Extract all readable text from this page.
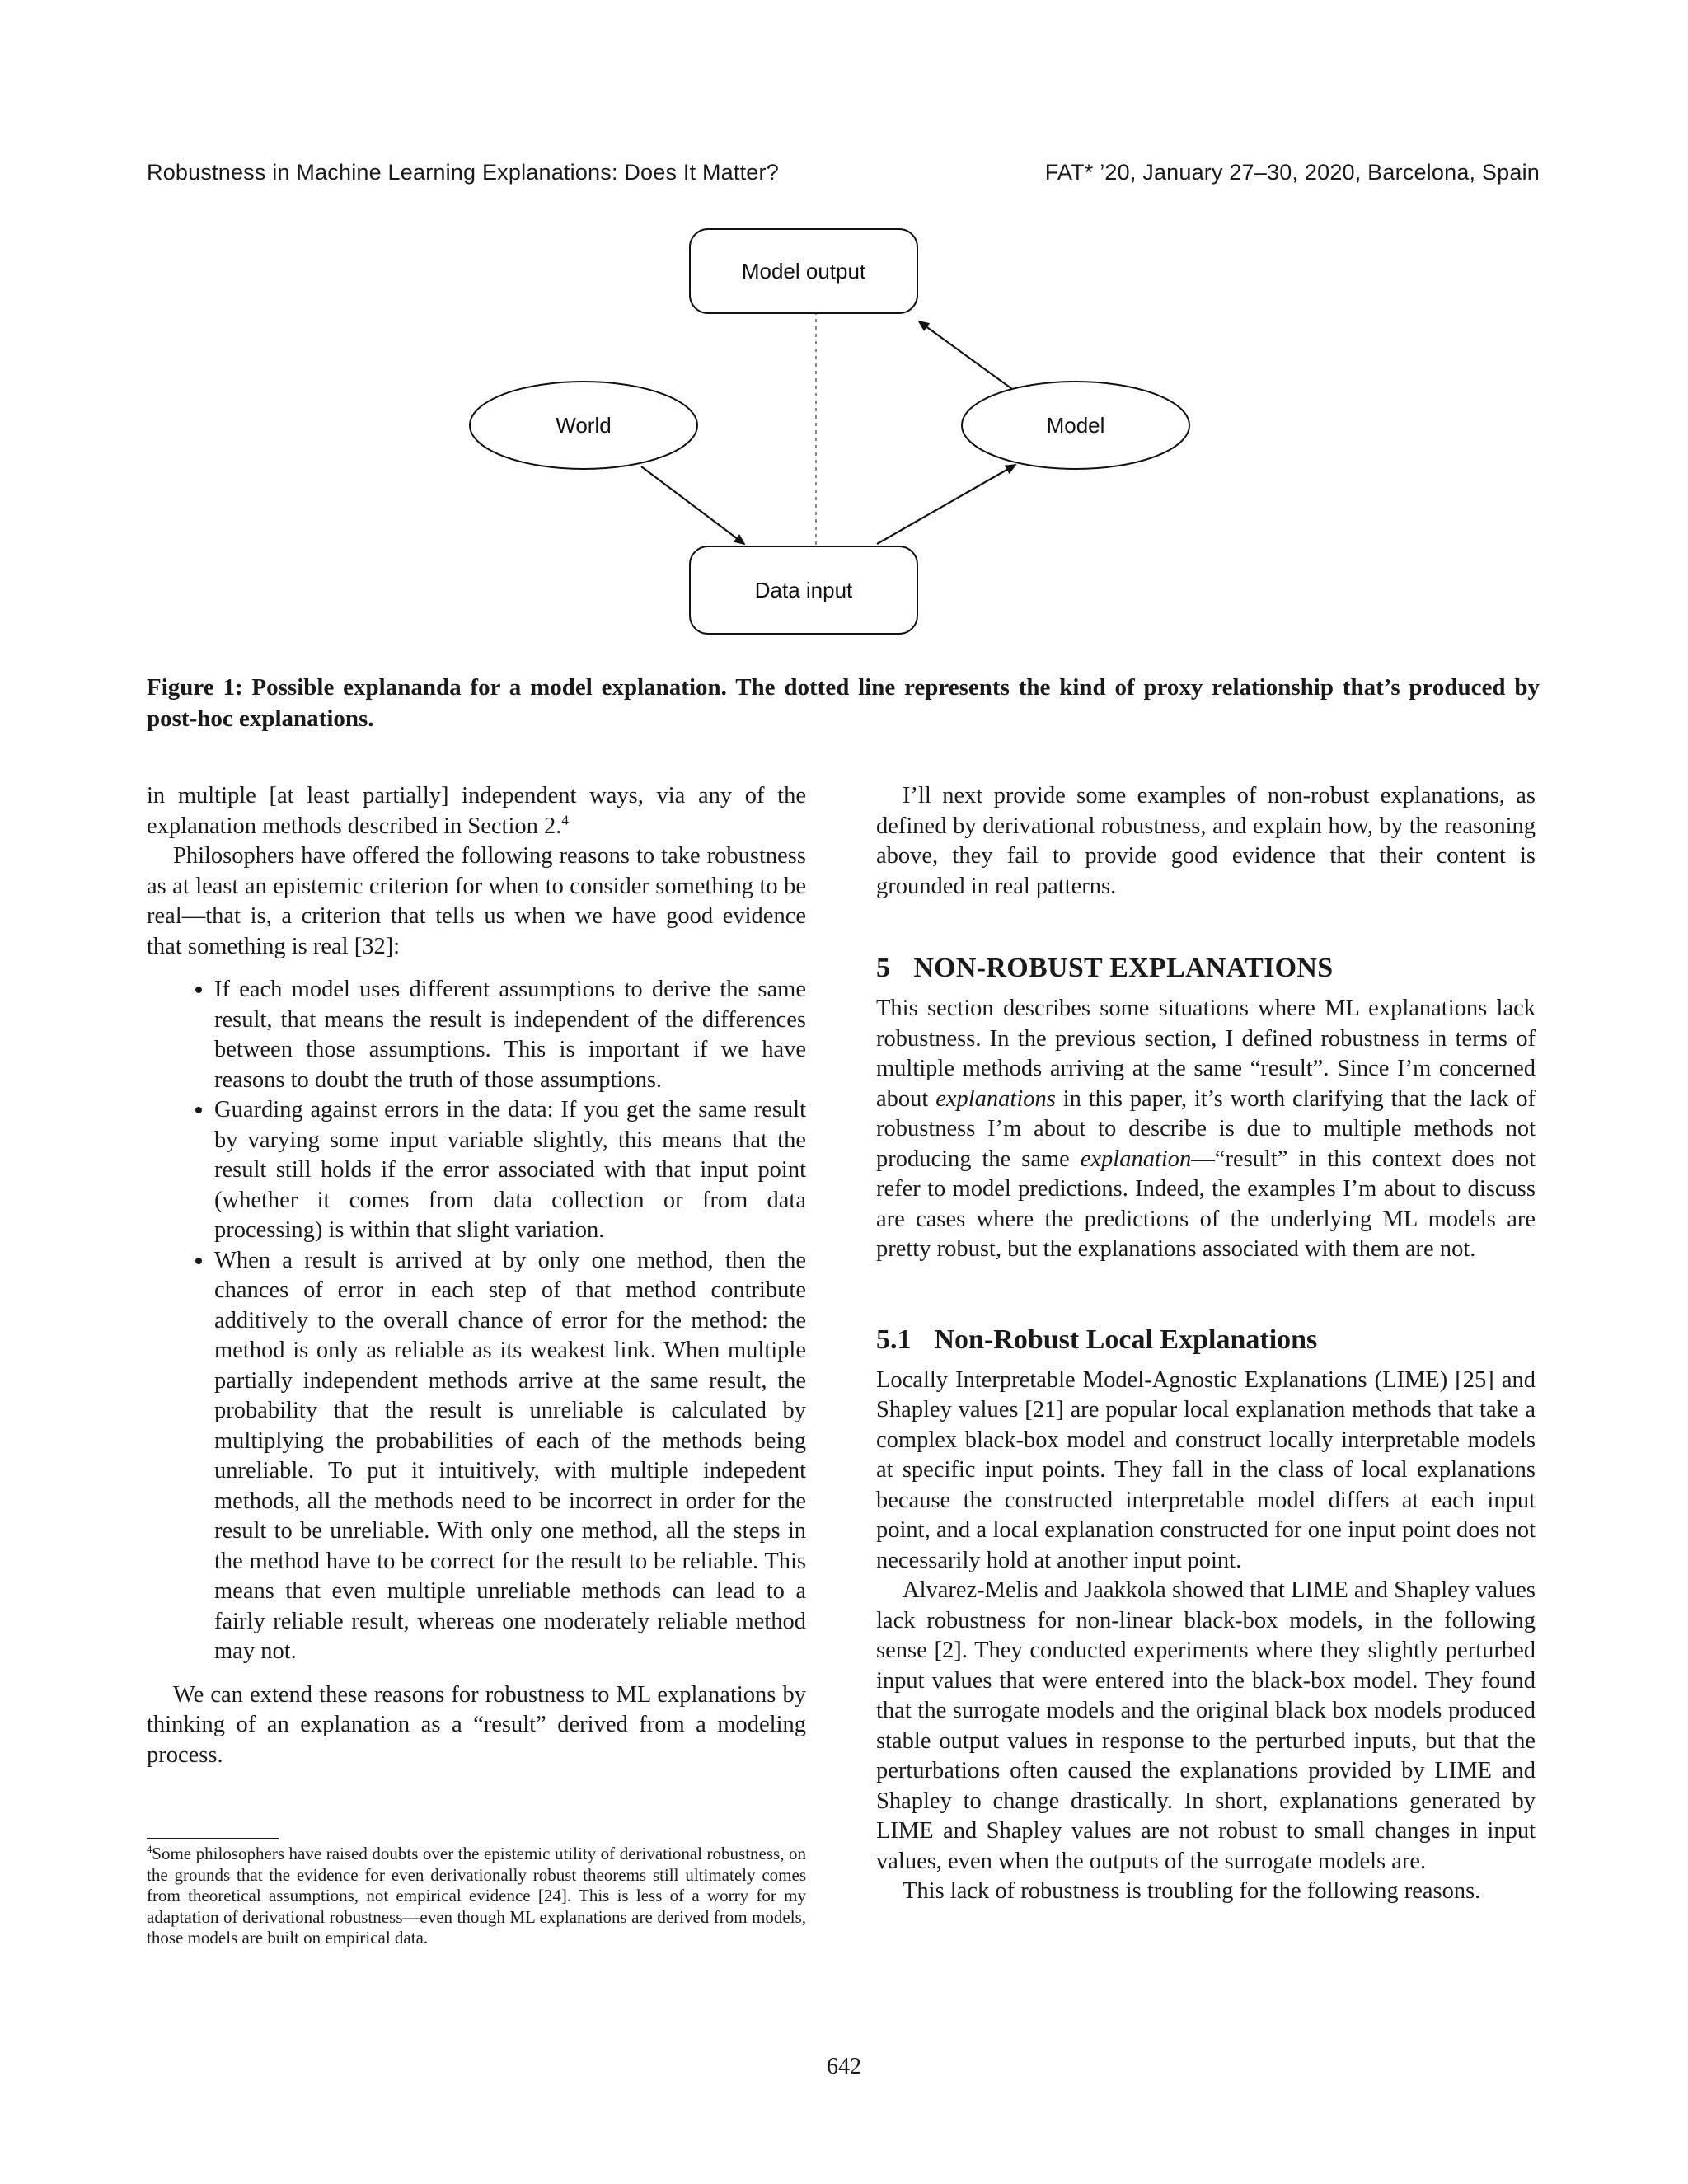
Robustness in Machine Learning Explanations: Does It Matter?	FAT* ’20, January 27–30, 2020, Barcelona, Spain
Model output
World	Model
Data input
Figure 1: Possible explananda for a model explanation. The dotted line represents the kind of proxy relationship that’s produced by post-hoc explanations.

in multiple [at least partially] independent ways, via any of the explanation methods described in Section 2.$^4$

Philosophers have offered the following reasons to take robustness as at least an epistemic criterion for when to consider something to be real—that is, a criterion that tells us when we have good evidence that something is real [32]:

• If each model uses different assumptions to derive the same result, that means the result is independent of the differences between those assumptions. This is important if we have reasons to doubt the truth of those assumptions.
• Guarding against errors in the data: If you get the same result by varying some input variable slightly, this means that the result still holds if the error associated with that input point (whether it comes from data collection or from data processing) is within that slight variation.
• When a result is arrived at by only one method, then the chances of error in each step of that method contribute additively to the overall chance of error for the method: the method is only as reliable as its weakest link. When multiple partially independent methods arrive at the same result, the probability that the result is unreliable is calculated by multiplying the probabilities of each of the methods being unreliable. To put it intuitively, with multiple indepedent methods, all the methods need to be incorrect in order for the result to be unreliable. With only one method, all the steps in the method have to be correct for the result to be reliable. This means that even multiple unreliable methods can lead to a fairly reliable result, whereas one moderately reliable method may not.

We can extend these reasons for robustness to ML explanations by thinking of an explanation as a “result” derived from a modeling process.

$^4$Some philosophers have raised doubts over the epistemic utility of derivational robustness, on the grounds that the evidence for even derivationally robust theorems still ultimately comes from theoretical assumptions, not empirical evidence [24]. This is less of a worry for my adaptation of derivational robustness—even though ML explanations are derived from models, those models are built on empirical data.

I’ll next provide some examples of non-robust explanations, as defined by derivational robustness, and explain how, by the reasoning above, they fail to provide good evidence that their content is grounded in real patterns.

5 NON-ROBUST EXPLANATIONS

This section describes some situations where ML explanations lack robustness. In the previous section, I defined robustness in terms of multiple methods arriving at the same “result”. Since I’m concerned about explanations in this paper, it’s worth clarifying that the lack of robustness I’m about to describe is due to multiple methods not producing the same explanation—“result” in this context does not refer to model predictions. Indeed, the examples I’m about to discuss are cases where the predictions of the underlying ML models are pretty robust, but the explanations associated with them are not.

5.1 Non-Robust Local Explanations

Locally Interpretable Model-Agnostic Explanations (LIME) [25] and Shapley values [21] are popular local explanation methods that take a complex black-box model and construct locally interpretable models at specific input points. They fall in the class of local explanations because the constructed interpretable model differs at each input point, and a local explanation constructed for one input point does not necessarily hold at another input point.

Alvarez-Melis and Jaakkola showed that LIME and Shapley values lack robustness for non-linear black-box models, in the following sense [2]. They conducted experiments where they slightly perturbed input values that were entered into the black-box model. They found that the surrogate models and the original black box models produced stable output values in response to the perturbed inputs, but that the perturbations often caused the explanations provided by LIME and Shapley to change drastically. In short, explanations generated by LIME and Shapley values are not robust to small changes in input values, even when the outputs of the surrogate models are.

This lack of robustness is troubling for the following reasons.

642
